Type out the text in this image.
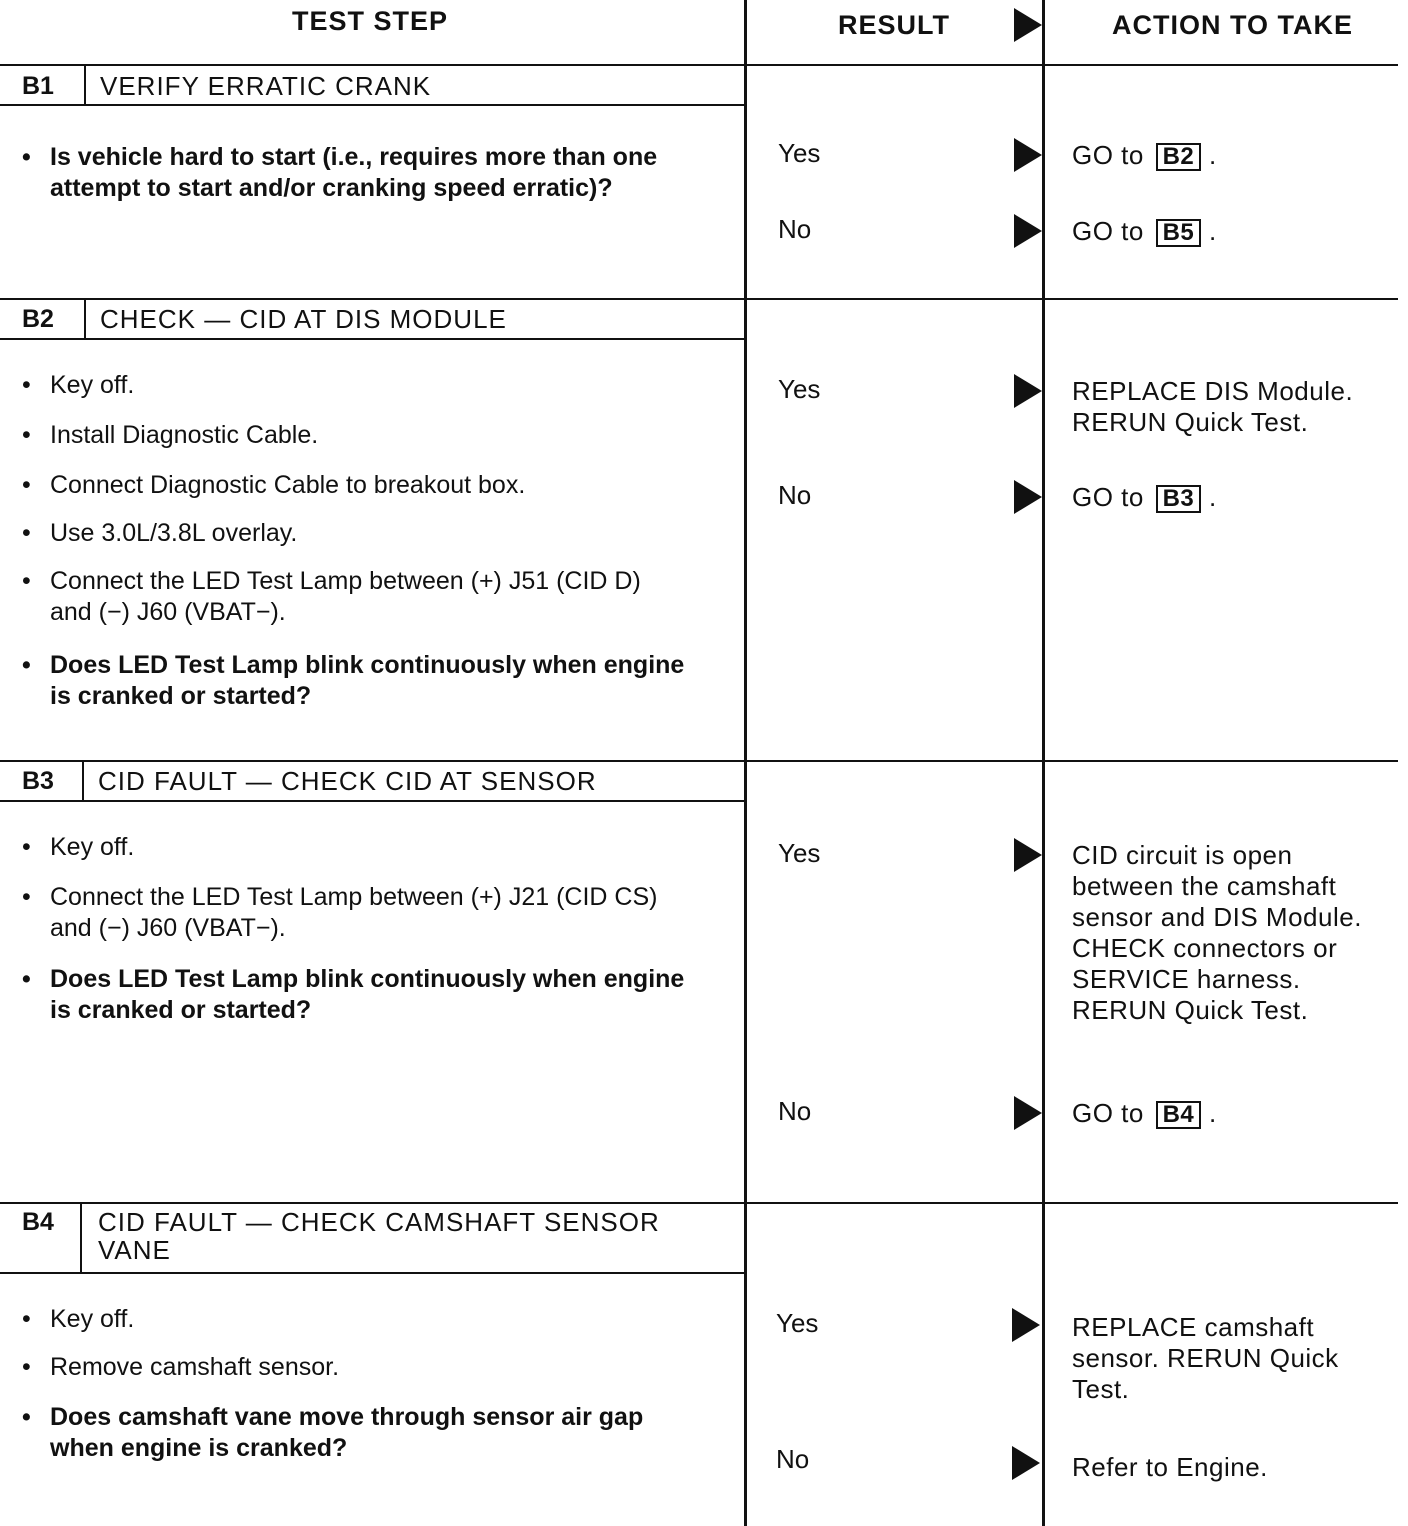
TEST STEP	RESULT	ACTION TO TAKE
B1 VERIFY ERRATIC CRANK
• Is vehicle hard to start (i.e., requires more than one attempt to start and/or cranking speed erratic)?
Yes	GO to B2 .
No	GO to B5 .
B2 CHECK — CID AT DIS MODULE
• Key off.
• Install Diagnostic Cable.
• Connect Diagnostic Cable to breakout box.
• Use 3.0L/3.8L overlay.
• Connect the LED Test Lamp between (+) J51 (CID D) and (−) J60 (VBAT−).
• Does LED Test Lamp blink continuously when engine is cranked or started?
Yes	REPLACE DIS Module. RERUN Quick Test.
No	GO to B3 .
B3 CID FAULT — CHECK CID AT SENSOR
• Key off.
• Connect the LED Test Lamp between (+) J21 (CID CS) and (−) J60 (VBAT−).
• Does LED Test Lamp blink continuously when engine is cranked or started?
Yes	CID circuit is open between the camshaft sensor and DIS Module. CHECK connectors or SERVICE harness. RERUN Quick Test.
No	GO to B4 .
B4 CID FAULT — CHECK CAMSHAFT SENSOR VANE
• Key off.
• Remove camshaft sensor.
• Does camshaft vane move through sensor air gap when engine is cranked?
Yes	REPLACE camshaft sensor. RERUN Quick Test.
No	Refer to Engine.
